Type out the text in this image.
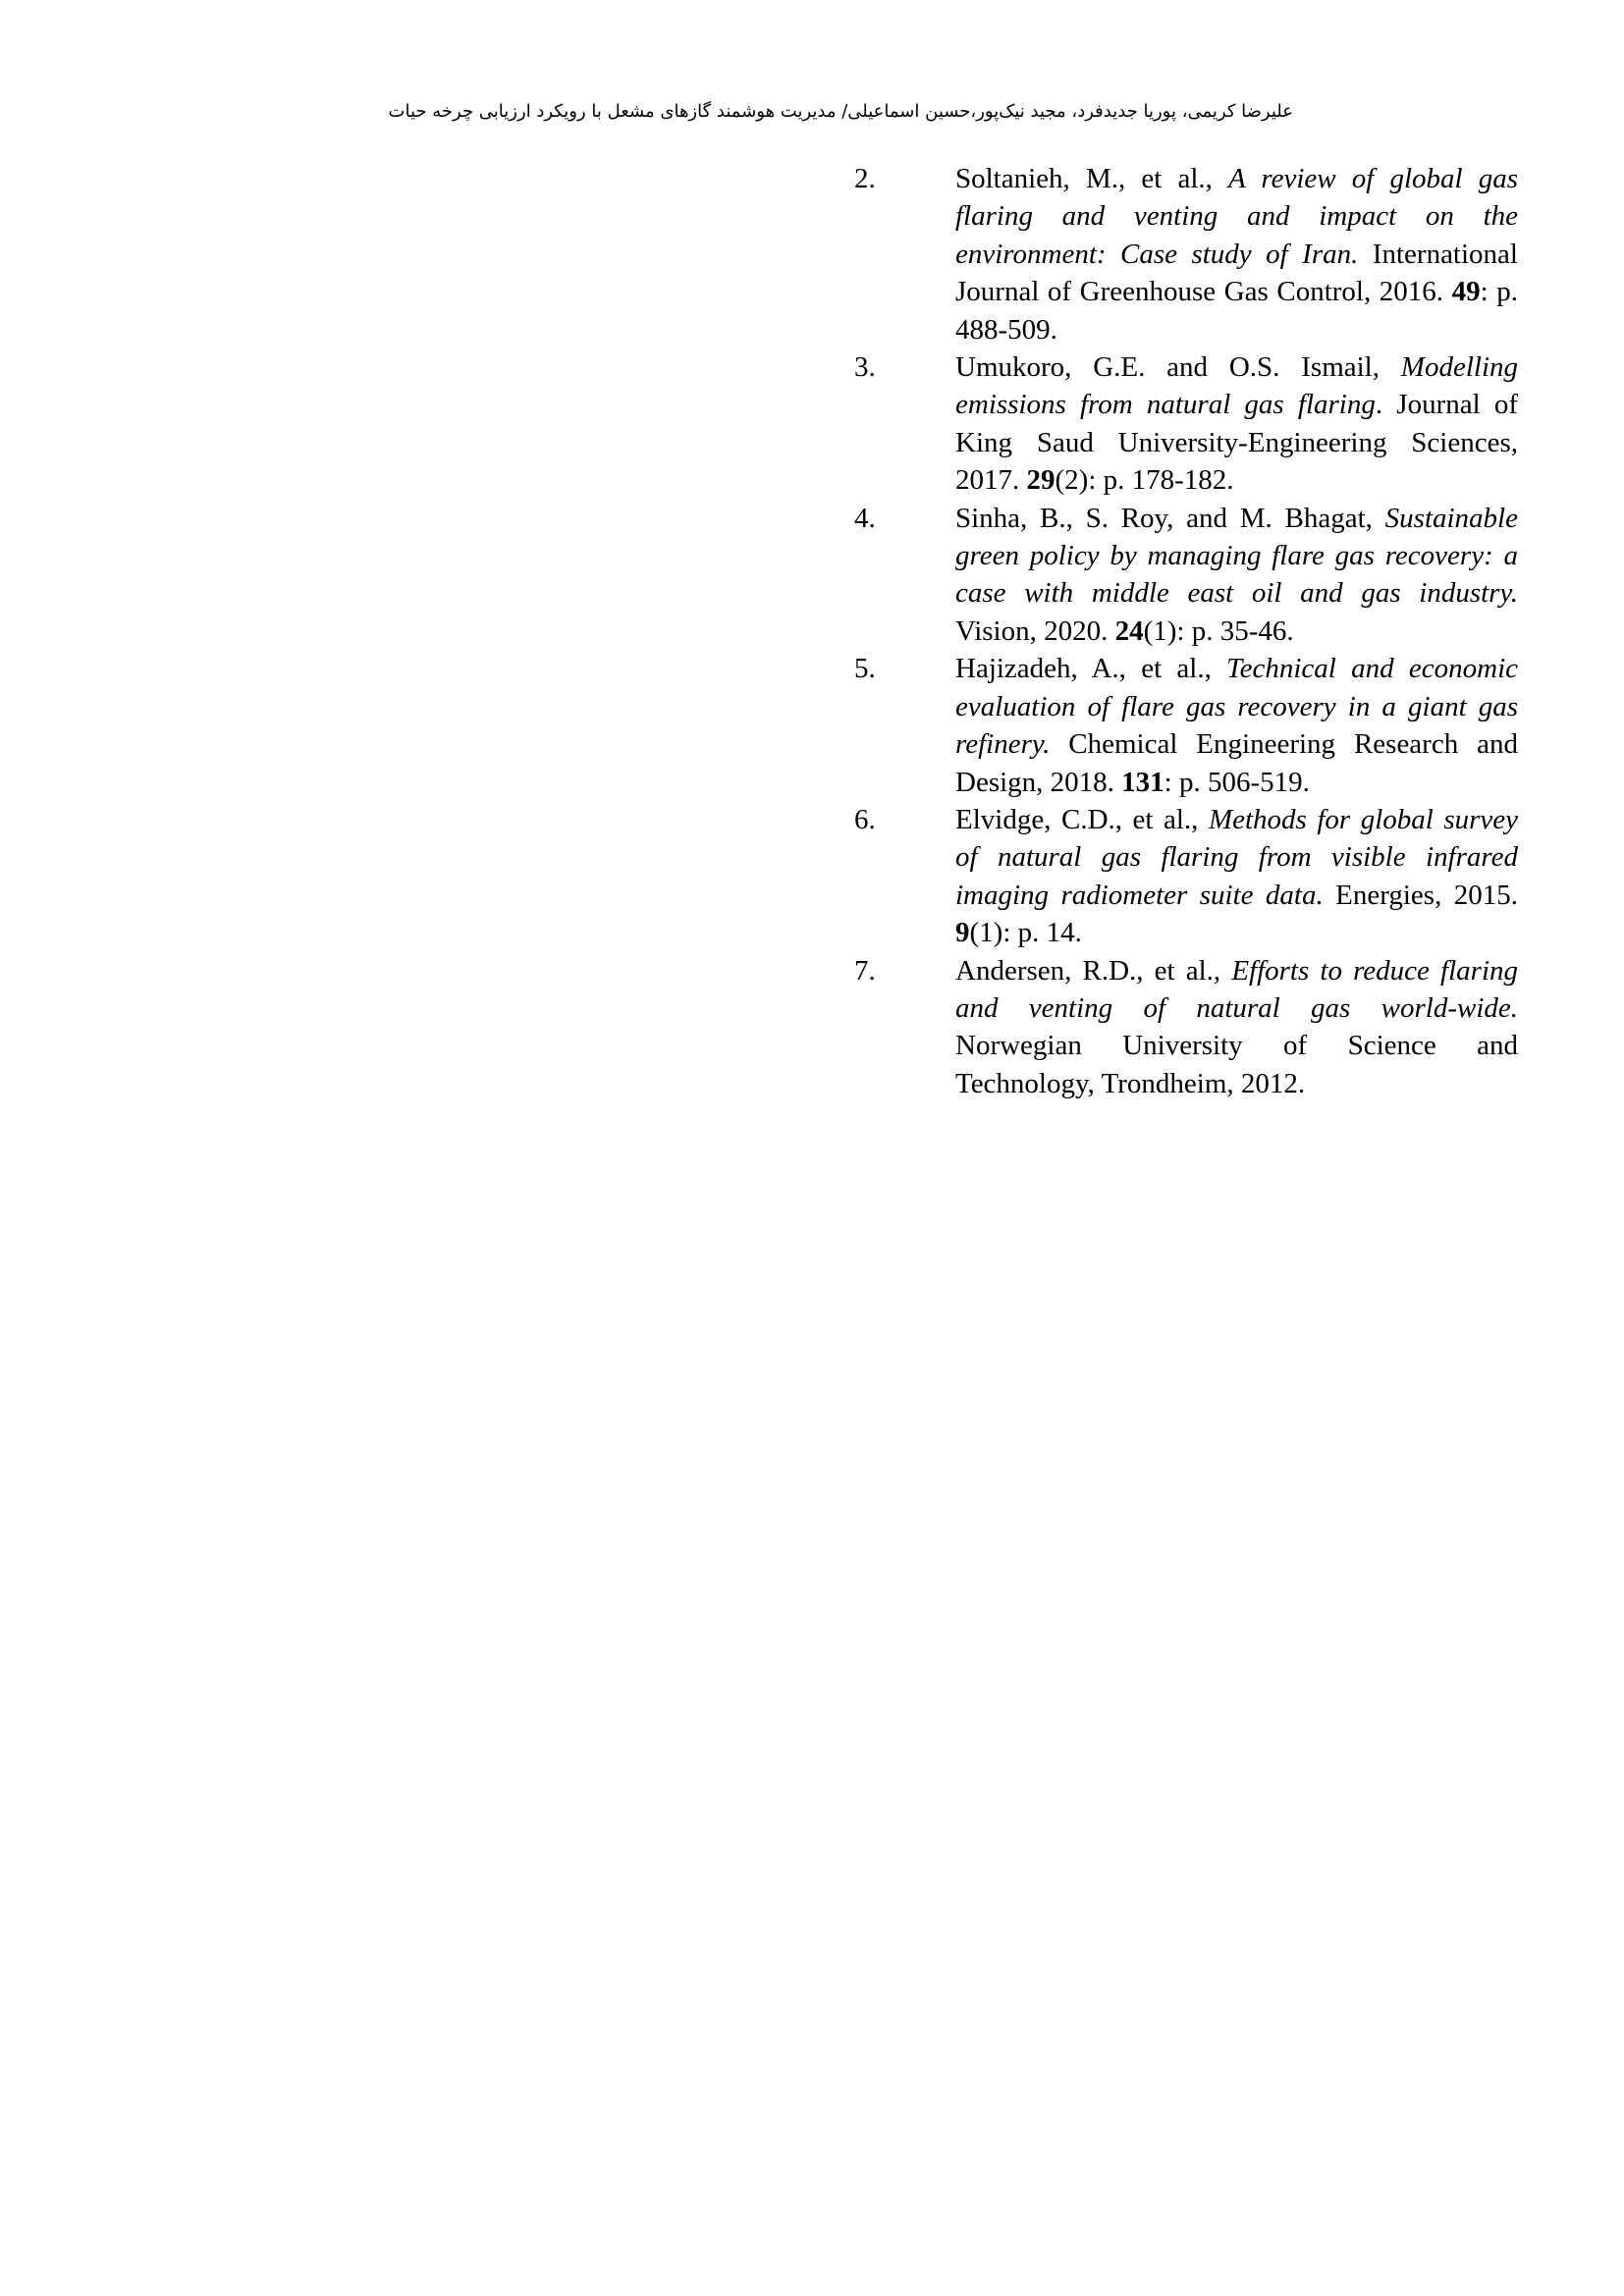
علیرضا کریمی، پوریا جدیدفرد، مجید نیک‌پور،حسین اسماعیلی/ مدیریت هوشمند گازهای مشعل با رویکرد ارزیابی چرخه حیات
2.	Soltanieh, M., et al., A review of global gas flaring and venting and impact on the environment: Case study of Iran. International Journal of Greenhouse Gas Control, 2016. 49: p. 488-509.
3.	Umukoro, G.E. and O.S. Ismail, Modelling emissions from natural gas flaring. Journal of King Saud University-Engineering Sciences, 2017. 29(2): p. 178-182.
4.	Sinha, B., S. Roy, and M. Bhagat, Sustainable green policy by managing flare gas recovery: a case with middle east oil and gas industry. Vision, 2020. 24(1): p. 35-46.
5.	Hajizadeh, A., et al., Technical and economic evaluation of flare gas recovery in a giant gas refinery. Chemical Engineering Research and Design, 2018. 131: p. 506-519.
6.	Elvidge, C.D., et al., Methods for global survey of natural gas flaring from visible infrared imaging radiometer suite data. Energies, 2015. 9(1): p. 14.
7.	Andersen, R.D., et al., Efforts to reduce flaring and venting of natural gas world-wide. Norwegian University of Science and Technology, Trondheim, 2012.
